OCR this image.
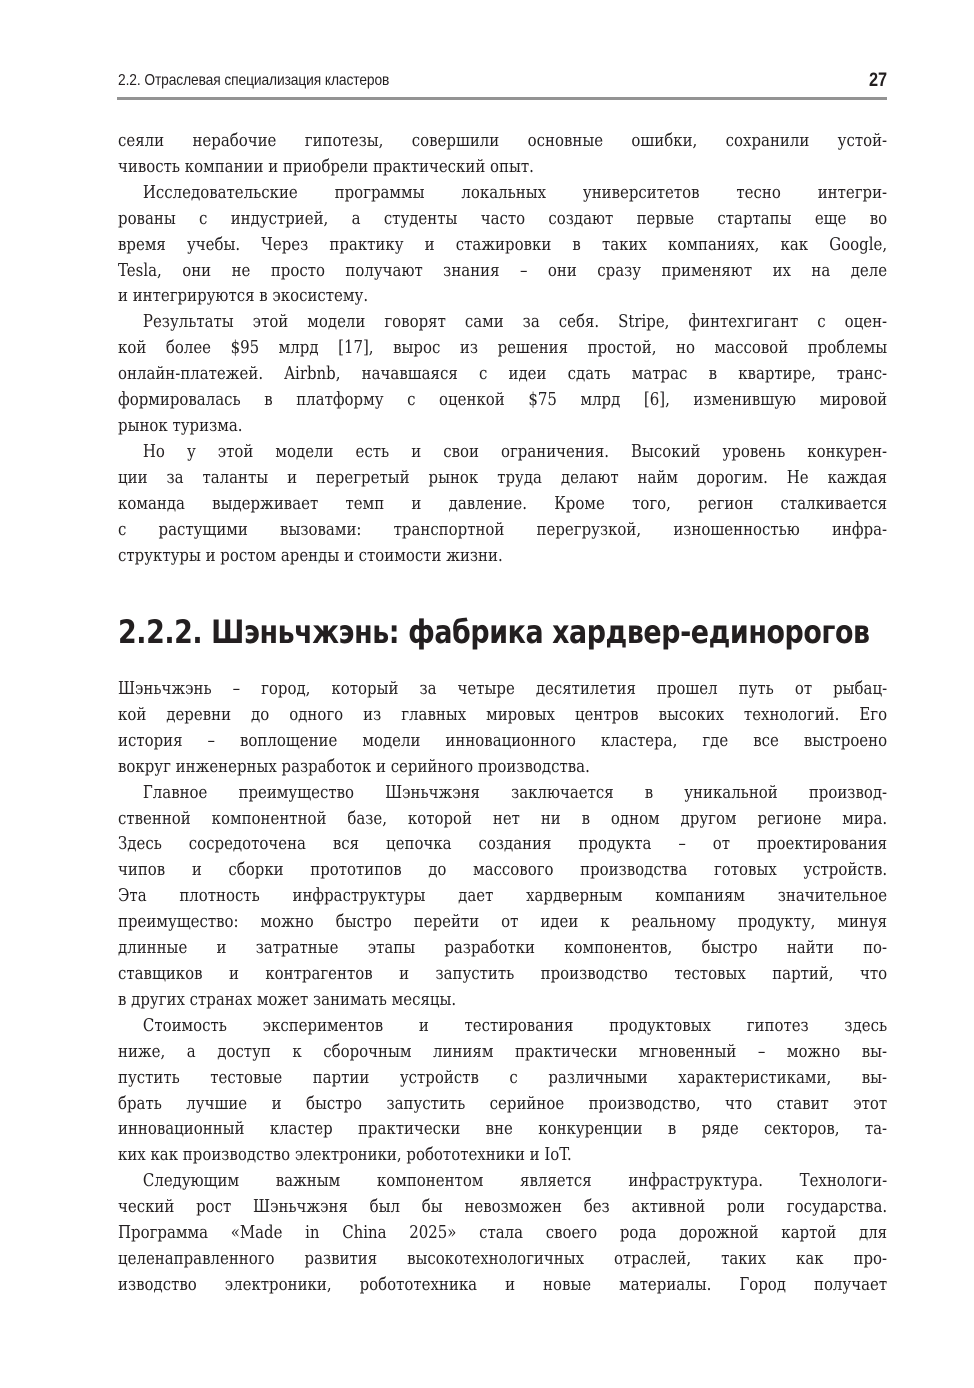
2.2. Отраслевая специализация кластеров	27

сеяли нерабочие гипотезы, совершили основные ошибки, сохранили устой-
чивость компании и приобрели практический опыт.

Исследовательские программы локальных университетов тесно интегри-
рованы с индустрией, а студенты часто создают первые стартапы еще во
время учебы. Через практику и стажировки в таких компаниях, как Google,
Tesla, они не просто получают знания – они сразу применяют их на деле
и интегрируются в экосистему.

Результаты этой модели говорят сами за себя. Stripe, финтехгигант с оцен-
кой более $95 млрд [17], вырос из решения простой, но массовой проблемы
онлайн-платежей. Airbnb, начавшаяся с идеи сдать матрас в квартире, транс-
формировалась в платформу с оценкой $75 млрд [6], изменившую мировой
рынок туризма.

Но у этой модели есть и свои ограничения. Высокий уровень конкурен-
ции за таланты и перегретый рынок труда делают найм дорогим. Не каждая
команда выдерживает темп и давление. Кроме того, регион сталкивается
с растущими вызовами: транспортной перегрузкой, изношенностью инфра-
структуры и ростом аренды и стоимости жизни.

2.2.2. Шэньчжэнь: фабрика хардвер-единорогов

Шэньчжэнь – город, который за четыре десятилетия прошел путь от рыбац-
кой деревни до одного из главных мировых центров высоких технологий. Его
история – воплощение модели инновационного кластера, где все выстроено
вокруг инженерных разработок и серийного производства.

Главное преимущество Шэньчжэня заключается в уникальной производ-
ственной компонентной базе, которой нет ни в одном другом регионе мира.
Здесь сосредоточена вся цепочка создания продукта – от проектирования
чипов и сборки прототипов до массового производства готовых устройств.
Эта плотность инфраструктуры дает хардверным компаниям значительное
преимущество: можно быстро перейти от идеи к реальному продукту, минуя
длинные и затратные этапы разработки компонентов, быстро найти по-
ставщиков и контрагентов и запустить производство тестовых партий, что
в других странах может занимать месяцы.

Стоимость экспериментов и тестирования продуктовых гипотез здесь
ниже, а доступ к сборочным линиям практически мгновенный – можно вы-
пустить тестовые партии устройств с различными характеристиками, вы-
брать лучшие и быстро запустить серийное производство, что ставит этот
инновационный кластер практически вне конкуренции в ряде секторов, та-
ких как производство электроники, робототехники и IoT.

Следующим важным компонентом является инфраструктура. Технологи-
ческий рост Шэньчжэня был бы невозможен без активной роли государства.
Программа «Made in China 2025» стала своего рода дорожной картой для
целенаправленного развития высокотехнологичных отраслей, таких как про-
изводство электроники, робототехника и новые материалы. Город получает
